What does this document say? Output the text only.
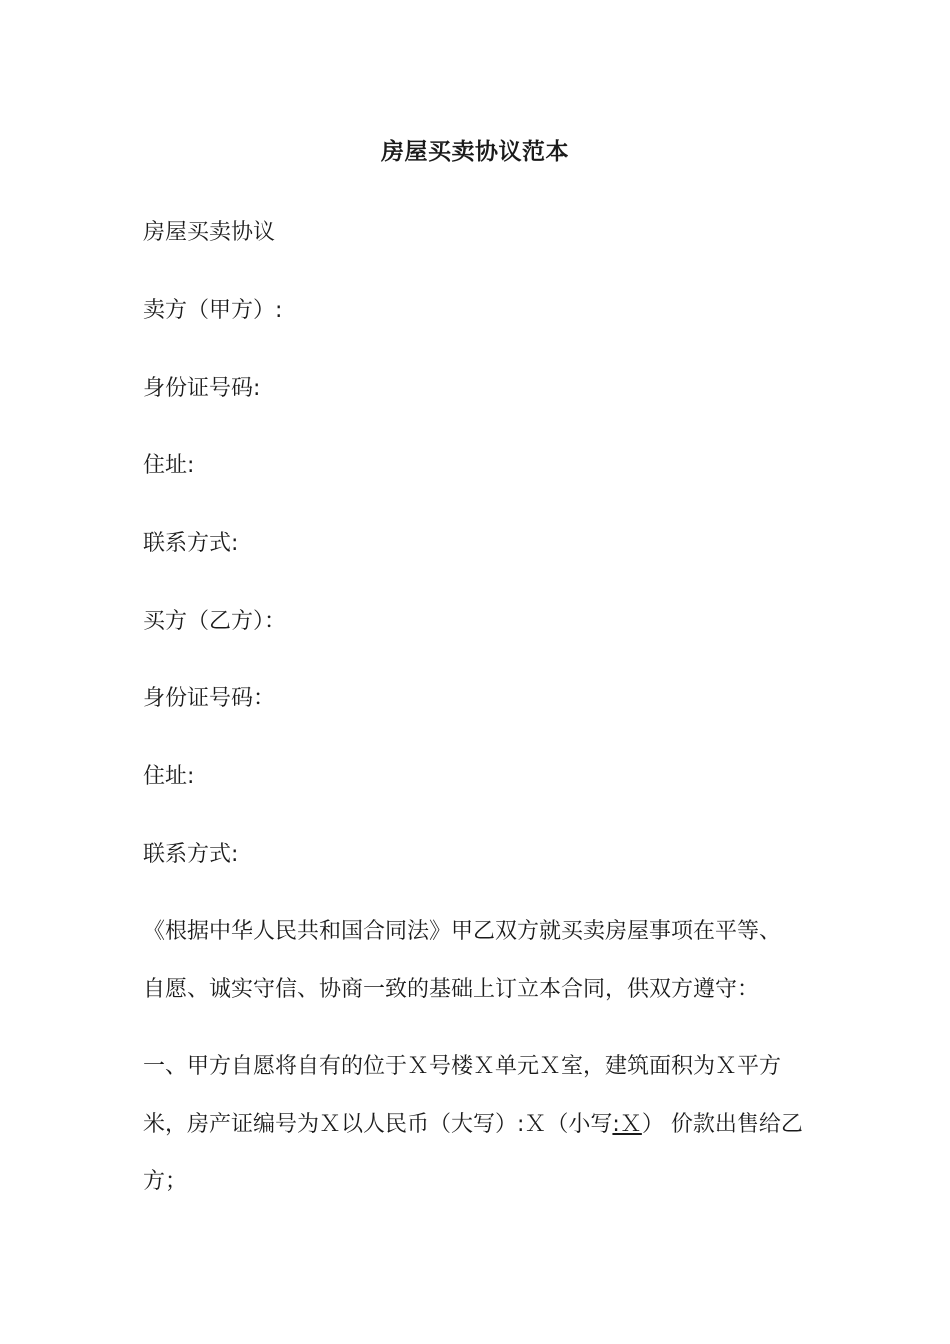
房屋买卖协议范本
房屋买卖协议
卖方（甲方）:
身份证号码:
住址:
联系方式:
买方（乙方）：
身份证号码：
住址:
联系方式:
《根据中华人民共和国合同法》甲乙双方就买卖房屋事项在平等、
自愿、诚实守信、协商一致的基础上订立本合同，供双方遵守：
一、甲方自愿将自有的位于Ｘ号楼Ｘ单元Ｘ室，建筑面积为Ｘ平方
米，房产证编号为Ｘ以人民币（大写）:Ｘ（小写:Ｘ） 价款出售给乙
方；
